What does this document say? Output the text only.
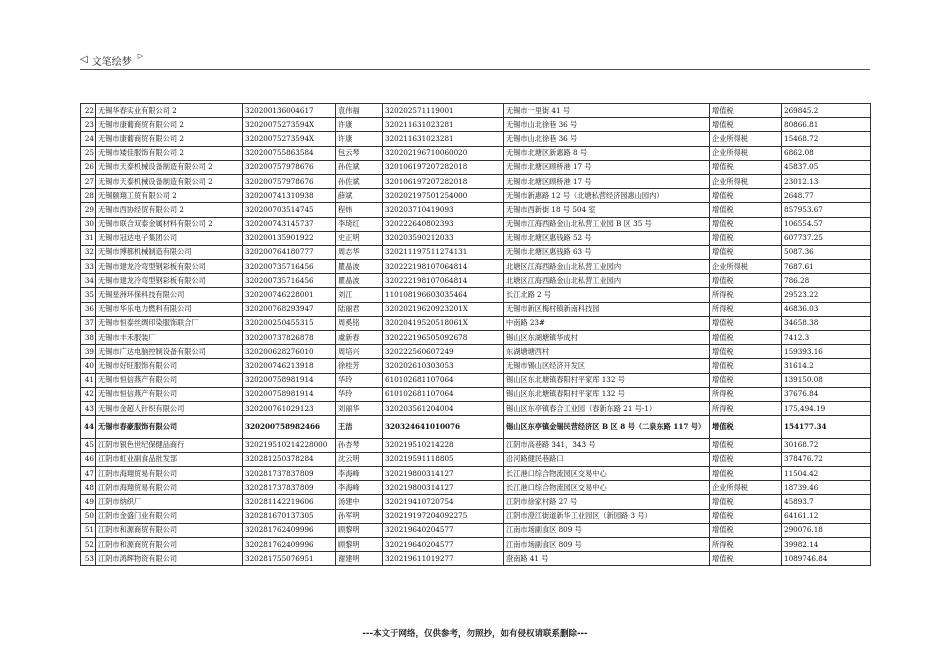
◁ 文笔绘梦
▷
22	无锡华春实业有限公司 2	320200136004617	袁伟福	320202571119001	无锡市一里街 41 号	增值税	269845.2
23	无锡市康葡商贸有限公司 2	32020075273594X	许康	320211631023281	无锡市山北徐巷 36 号	增值税	80866.81
24	无锡市康葡商贸有限公司 2	32020075273594X	许康	320211631023281	无锡市山北徐巷 36 号	企业所得税	15468.72
25	无锡市矮佳服饰有限公司 2	320200755863584	包云琴	320202196710060020	无锡市北塘区新惠路 8 号	企业所得税	6862.08
26	无锡市天泰机械设备制造有限公司 2	320200757978676	孙佐斌	320106197207282018	无锡市北塘区顾桥港 17 号	增值税	45837.05
27	无锡市天泰机械设备制造有限公司 2	320200757978676	孙佐斌	320106197207282018	无锡市北塘区顾桥港 17 号	企业所得税	23012.13
28	无锡颐翔工贸有限公司 2	320200741310938	薛斌	320202197501254000	无锡市新惠路 12 号（北塘私营经济园惠山园内）	增值税	2648.77
29	无锡市西协经贸有限公司 2	320200703514745	程炜	320203710419093	无锡市西新街 18 号 504 室	增值税	857953.67
30	无锡市联合双泰金属材料有限公司 2	320200743145737	李琦红	320222640802393	无锡市江海西路金山北私营工业园 B 区 35 号	增值税	106554.57
31	无锡市冠达电子集团公司	320200135901922	史正明	320203590212033	无锡市北塘区惠钱路 52 号	增值税	607737.25
32	无锡市博都机械制造有限公司	320200764180777	周志华	320211197511274131	无锡市北塘区惠钱路 63 号	增值税	5087.36
33	无锡市建龙冷弯型钢彩板有限公司	320200735716456	瞿晶波	320222198107064814	北塘区江海西路金山北私营工业园内	企业所得税	7687.61
34	无锡市建龙冷弯型钢彩板有限公司	320200735716456	瞿晶波	320222198107064814	北塘区江海西路金山北私营工业园内	增值税	786.28
35	无锡星洲环保科技有限公司	320200746228001	刘江	110108196603035464	长江北路 2 号	所得税	29523.22
36	无锡市华乐电力燃料有限公司	320200768293947	陆丽君	32020219620923201X	无锡市新区梅村镇新南科技园	所得税	46836.03
37	无锡市恒泰丝绸印染服饰联合厂	320200250455315	周奚铭	32020419520518061X	中南路 23#	增值税	34658.38
38	无锡市丰禾服装厂	320200737826878	虞新春	320222196505092678	锡山区东湖塘镇华成村	增值税	7412.3
39	无锡市广达电脑控制设备有限公司	320200628276010	周培兴	320222560607249	东湖塘塘西村	增值税	159393.16
40	无锡市好旺服饰有限公司	320200746213918	徐桂芳	320202610303053	无锡市锡山区经济开发区	增值税	31614.2
41	无锡市恒信燕产有限公司	320200758981914	华玲	610102681107064	锡山区东北塘镇春阳村平家库 132 号	增值税	139150.08
42	无锡市恒信燕产有限公司	320200758981914	华玲	610102681107064	锡山区东北塘镇春阳村平家库 132 号	所得税	37676.84
43	无锡市金超人针织有限公司	320200761029123	刘丽华	320203561204004	锡山区东亭镇春合工业园（春新东路 21 号-1）	所得税	175,494.19
44	无锡市春豪服饰有限公司	320200758982466	王洁	320324641010076	锡山区东亭镇金锡民营经济区 B 区 8 号（二泉东路 117 号）	增值税	154177.34
45	江阴市银色世纪保健品商行	320219510214228000	孙杏琴	320219510214228	江阴市高巷路 341，343 号	增值税	30168.72
46	江阴市虹业副食品批发部	320281250378284	沈云明	320219591118805	沿河路健民巷路口	增值税	378476.72
47	江阴市海翔贸易有限公司	320281737837809	李海峰	320219800314127	长江港口综合物流园区交易中心	增值税	11504.42
48	江阴市海翔贸易有限公司	320281737837809	李海峰	320219800314127	长江港口综合物流园区交易中心	企业所得税	18739.46
49	江阴市纳织厂	320281142219606	汤建中	320219410720754	江阴市徐家村路 27 号	增值税	45893.7
50	江阴市金盛门业有限公司	320281670137305	孙军明	320219197204092275	江阴市澄江街道新华工业园区（新园路 3 号）	增值税	64161.12
51	江阴市和源商贸有限公司	320281762409996	顾黎明	320219640204577	江南市场副食区 809 号	增值税	290076.18
52	江阴市和源商贸有限公司	320281762409996	顾黎明	320219640204577	江南市场副食区 809 号	所得税	39982.14
53	江阴市鸿辉物资有限公司	320281755076951	谢建明	320219611019277	澄南路 41 号	增值税	1089746.84
---本文于网络，仅供参考，勿照抄，如有侵权请联系删除---
